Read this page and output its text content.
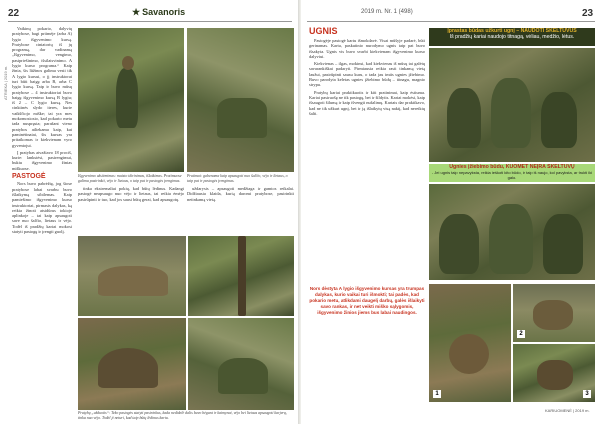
22	★ Savanoris
ATRIEKA | 2019 m.

Vaikinų pokario, dalyvių pratybose, bagi priimėje (arba A) lygio išgyvenimo kursą. Pratybose ciniatorių iš jų programą, dar vadinamą „Išgyvenimo, vengimo, pasipriešinimo, išsilaisvinimo. A lygio kurso programa.“ Kaip žinia, šis lūžinos galima vesti tik A lygio kursui, o jį instruktorai turi būti baigę arba B, arba C lygio kursą. Taip ir buvo mūsų pratybose – 4 instruktoriai buvo baigę išgyvenimo kursą B lygiu; iš 2 – C lygio kursą. Nes cinktinės slydo iteres, kurie vaikščiojo miške; tai yra mes mokomosiosio, kad pokario metu tada nuspręsta; parašant vieno pratybos atliekama kaip, kai paminėtinaiai, šis kursas yra pritaikomas ir kiekvienam vyro gyventojui.

Į pratybas atvažiavo 18 prociš, kurie: lankstėsi, pasirengimui, bukiu išgyvenimo žinias miškuose.

PASTOGĖ

Nors buvo pabrėžtę, jog šiose pratybose labai svarbu buvo išlaikymą sibilemas. Kaip pamiešimo išgyvenimo kurso instruktoriai, pirmasis dalykas, ką reikia žinoti atsidūrus tokioje aplinkoje – tai kaip apsaugoti save nuo šalčio, lietaus ir vėjo. Todėl iš pradžių kariai mokosi statyti pastogę ir įrengti guolį.

Išgyvenimo užsiėmimas: maisto tikrinimas, išlaikimas. Pratimuose galima pasirinkti, vėjo ir lietaus, o taip pat ir pastogės įrengimas.

Pratimai: gabenama kaip apsaugoti nuo šalčio, vėjo ir lietaus, o taip pat ir pastogės įrengimas.

tinka ekstremaliai pokių, kad būtų lėdinus. Kadangi pastogė neapsaugo nuo vėjo ir lietaus, tai reikia ėmėjo pasirūpinti ir tuo, kad jos sausi būtų gerai, kad apsaugotų.

uždarysis – apsaugoti medžiaga ir gamtos reikalai. Didžiausia klaida, kurią daromi pratybose, pasirinkti netinkamą vietą.

Pratybų „užduotis“: Teko pastogės statyti pasirinkus, kada nedidelė dalis buvo bėgant ir kaimynai, vėjo bei lietaus apsaugoti karjerą, tinka nuo vėjo. Todėl ji neturi, kad taip būtų lėdinus kartu.

2019 m. Nr. 1 (498)	23
UGNIS

Pastogėje pastogė kartu išmokdavė. Visai mūšyje padarė, būti gerinamas. Kartu, paskutinio nurodymo ugnis taip pat buvo išsakyta. Ugnis vis buvo svarbi kiekvienam išgyvenimo kurso dalyviui.

Kiekvienas – ilgas, mokinsi, kad kiekvienas iš mūsų tai galėtų savarankiškai padaryti. Pirmiausia reikia rasti tinkamą vietą laužui, pasirūpinti sausu kuru, o tada jau imtis ugnies įžiebimo. Buvo parodyta keletas ugnies įžiebimo būdų – titnagu, magnio strypu.

Pratybų kariai praktikuotis ir kiti pratinimai, kaip ėstiuma. Kariai pasiruošę ne tik pastogę, bet ir šildytis. Kariai mokėsi, kaip išsaugoti šilumą ir kaip išvengti nušalimų. Kartais dar praktikavo, kad ne tik užkurt ugnį, bet ir ją išlaikytų visą naktį, kad nereiktų šalti.

Įprastas būdas užkurti ugnį – NAUDOTI SKELTUVUS
Iš pradžių kariai naudojo titnagą, vėliau, medžio, lėtus.
Ugnies įžiebimo būdu, KUOMET NEĮRA SKELTUVŲ
- Jei ugnis taip nepavyksta, reikia ieškoti kito būdo, ir taip iš naujo, kol pavyksta, ar trukti iki galo.
Nors dėstyta A lygio išgyvenimo kursas yra trumpas dalykas, kurio vaikai turi išmokti; tai padės, kad pokario metu, atlikdami daugelį darbų, galės išlaikyti savo rankas, ir net veikti miško sąlygomis, išgyvenimo žinios jiems bus labai naudingos.
1
2
3
KARIUOMENĖ | 2019 m.
